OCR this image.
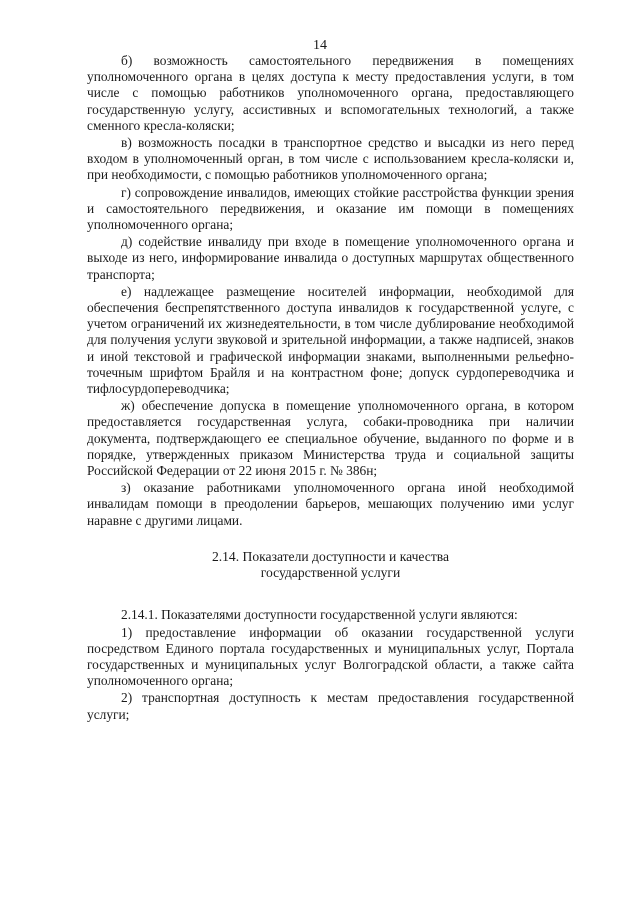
14

б) возможность самостоятельного передвижения в помещениях уполномоченного органа в целях доступа к месту предоставления услуги, в том числе с помощью работников уполномоченного органа, предоставляющего государственную услугу, ассистивных и вспомогательных технологий, а также сменного кресла-коляски;

в) возможность посадки в транспортное средство и высадки из него перед входом в уполномоченный орган, в том числе с использованием кресла-коляски и, при необходимости, с помощью работников уполномоченного органа;

г) сопровождение инвалидов, имеющих стойкие расстройства функции зрения и самостоятельного передвижения, и оказание им помощи в помещениях уполномоченного органа;

д) содействие инвалиду при входе в помещение уполномоченного органа и выходе из него, информирование инвалида о доступных маршрутах общественного транспорта;

е) надлежащее размещение носителей информации, необходимой для обеспечения беспрепятственного доступа инвалидов к государственной услуге, с учетом ограничений их жизнедеятельности, в том числе дублирование необходимой для получения услуги звуковой и зрительной информации, а также надписей, знаков и иной текстовой и графической информации знаками, выполненными рельефно-точечным шрифтом Брайля и на контрастном фоне; допуск сурдопереводчика и тифлосурдопереводчика;

ж) обеспечение допуска в помещение уполномоченного органа, в котором предоставляется государственная услуга, собаки-проводника при наличии документа, подтверждающего ее специальное обучение, выданного по форме и в порядке, утвержденных приказом Министерства труда и социальной защиты Российской Федерации от 22 июня 2015 г. № 386н;

з) оказание работниками уполномоченного органа иной необходимой инвалидам помощи в преодолении барьеров, мешающих получению ими услуг наравне с другими лицами.

2.14. Показатели доступности и качества
государственной услуги

2.14.1. Показателями доступности государственной услуги являются:

1) предоставление информации об оказании государственной услуги посредством Единого портала государственных и муниципальных услуг, Портала государственных и муниципальных услуг Волгоградской области, а также сайта уполномоченного органа;

2) транспортная доступность к местам предоставления государственной услуги;
